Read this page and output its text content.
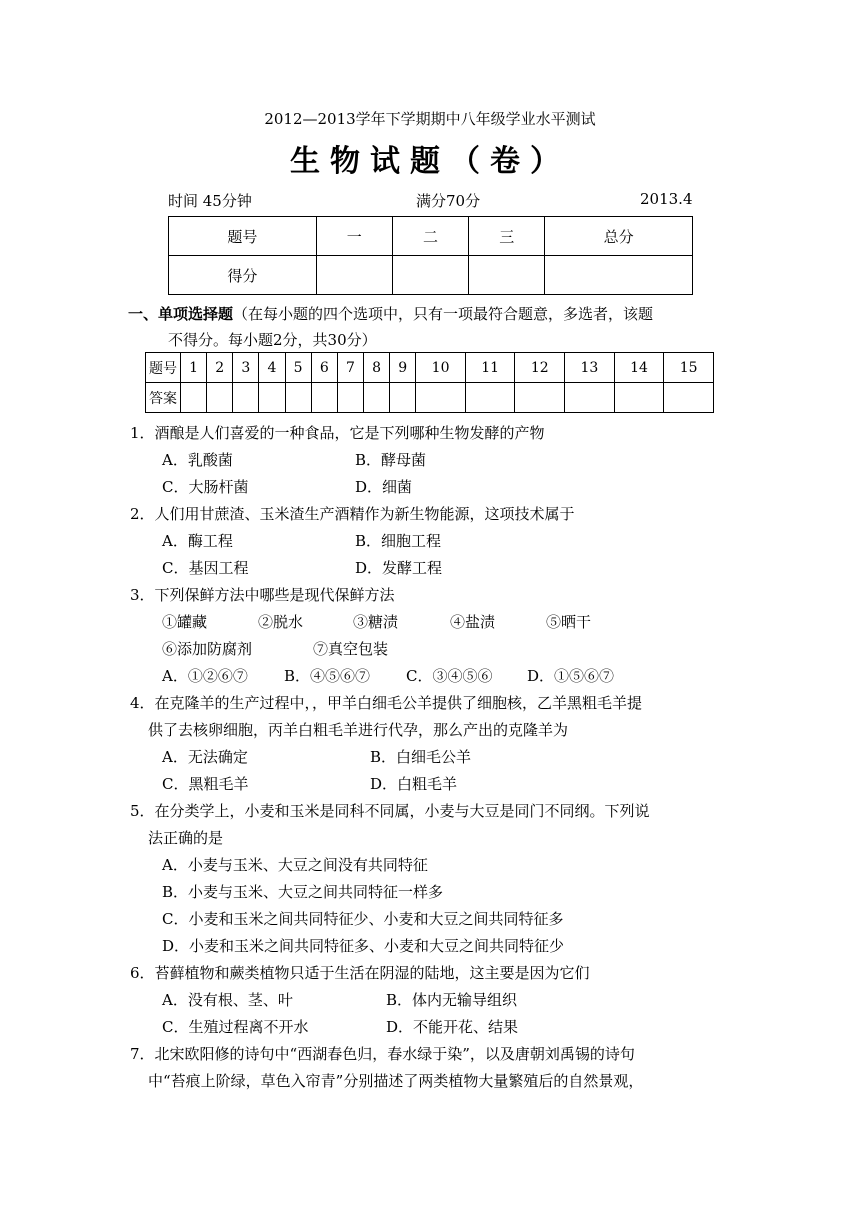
2012—2013学年下学期期中八年级学业水平测试
生物试题（卷）
时间 45分钟	满分70分	2013.4
题号	一	二	三	总分
得分				
一、单项选择题（在每小题的四个选项中，只有一项最符合题意，多选者，该题
不得分。每小题2分，共30分）
题号	1	2	3	4	5	6	7	8	9	10	11	12	13	14	15
答案															
1．酒酿是人们喜爱的一种食品，它是下列哪种生物发酵的产物
A．乳酸菌	B．酵母菌
C．大肠杆菌	D．细菌
2．人们用甘蔗渣、玉米渣生产酒精作为新生物能源，这项技术属于
A．酶工程	B．细胞工程
C．基因工程	D．发酵工程
3．下列保鲜方法中哪些是现代保鲜方法
①罐藏	②脱水	③糖渍	④盐渍	⑤晒干
⑥添加防腐剂	⑦真空包装
A．①②⑥⑦ B．④⑤⑥⑦ C．③④⑤⑥ D．①⑤⑥⑦
4．在克隆羊的生产过程中，，甲羊白细毛公羊提供了细胞核，乙羊黑粗毛羊提
供了去核卵细胞，丙羊白粗毛羊进行代孕，那么产出的克隆羊为
A．无法确定	B．白细毛公羊
C．黑粗毛羊	D．白粗毛羊
5．在分类学上，小麦和玉米是同科不同属，小麦与大豆是同门不同纲。下列说
法正确的是
A．小麦与玉米、大豆之间没有共同特征
B．小麦与玉米、大豆之间共同特征一样多
C．小麦和玉米之间共同特征少、小麦和大豆之间共同特征多
D．小麦和玉米之间共同特征多、小麦和大豆之间共同特征少
6．苔藓植物和蕨类植物只适于生活在阴湿的陆地，这主要是因为它们
A．没有根、茎、叶	B．体内无输导组织
C．生殖过程离不开水	D．不能开花、结果
7．北宋欧阳修的诗句中“西湖春色归，春水绿于染”，以及唐朝刘禹锡的诗句
中“苔痕上阶绿，草色入帘青”分别描述了两类植物大量繁殖后的自然景观，
